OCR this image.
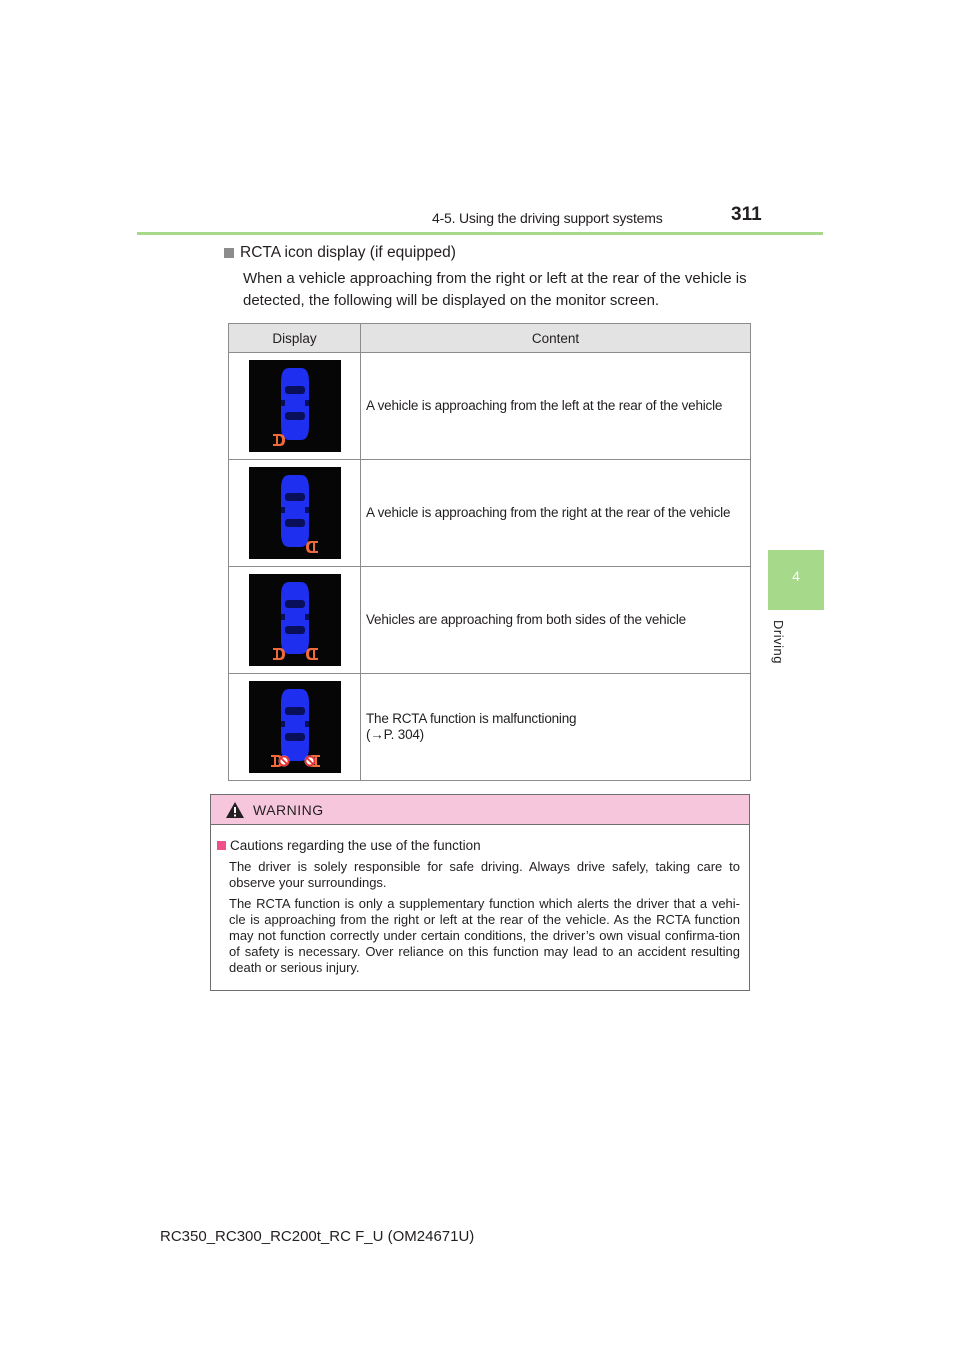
4-5. Using the driving support systems	311
4
Driving
RCTA icon display (if equipped)
When a vehicle approaching from the right or left at the rear of the vehicle is detected, the following will be displayed on the monitor screen.
Display	Content

	A vehicle is approaching from the left at the rear of the vehicle

	A vehicle is approaching from the right at the rear of the vehicle

	Vehicles are approaching from both sides of the vehicle

The RCTA function is malfunctioning
(→P. 304)
WARNING
Cautions regarding the use of the function

The driver is solely responsible for safe driving. Always drive safely, taking care to observe your surroundings.

The RCTA function is only a supplementary function which alerts the driver that a vehi-cle is approaching from the right or left at the rear of the vehicle. As the RCTA function may not function correctly under certain conditions, the driver’s own visual confirma-tion of safety is necessary. Over reliance on this function may lead to an accident resulting death or serious injury.

RC350_RC300_RC200t_RC F_U (OM24671U)
